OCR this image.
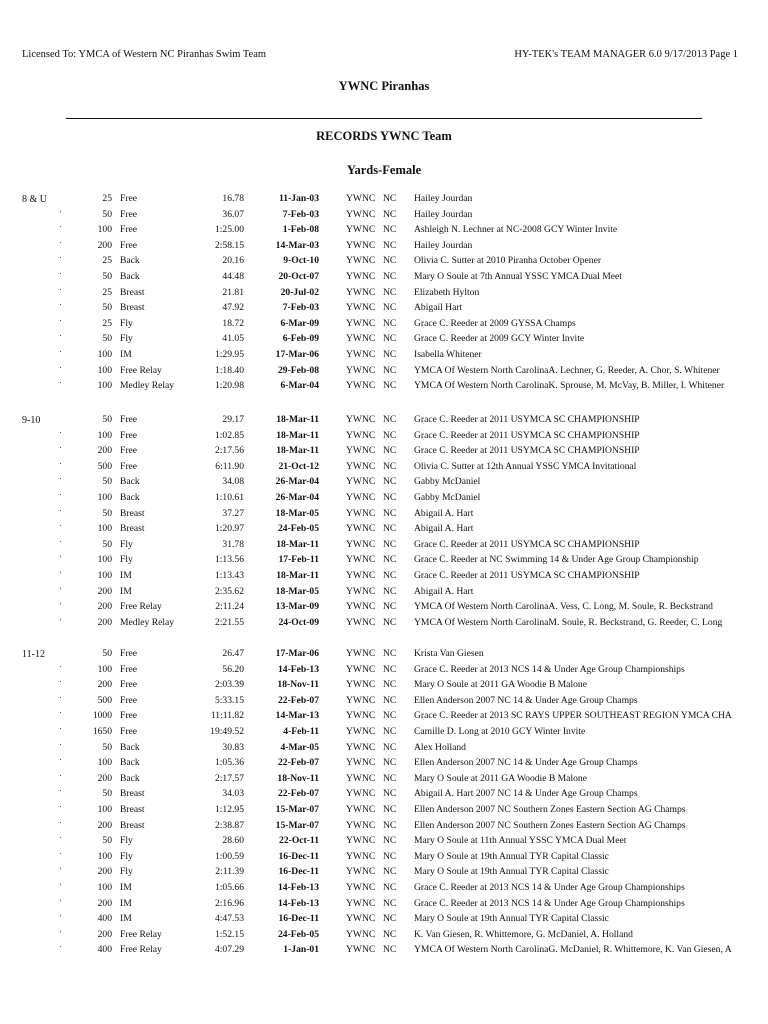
Licensed To: YMCA of Western NC Piranhas Swim Team	HY-TEK's TEAM MANAGER 6.0 9/17/2013 Page 1
YWNC Piranhas
RECORDS YWNC Team
Yards-Female
8 & U	25 Free	16.78	11-Jan-03	YWNC NC Hailey Jourdan
50 Free	36.07	7-Feb-03	YWNC NC Hailey Jourdan
100 Free	1:25.00	1-Feb-08	YWNC NC Ashleigh N. Lechner at NC-2008 GCY Winter Invite
200 Free	2:58.15	14-Mar-03	YWNC NC Hailey Jourdan
25 Back	20.16	9-Oct-10	YWNC NC Olivia C. Sutter at 2010 Piranha October Opener
50 Back	44.48	20-Oct-07	YWNC NC Mary O Soule at 7th Annual YSSC YMCA Dual Meet
25 Breast	21.81	20-Jul-02	YWNC NC Elizabeth Hylton
50 Breast	47.92	7-Feb-03	YWNC NC Abigail Hart
25 Fly	18.72	6-Mar-09	YWNC NC Grace C. Reeder at 2009 GYSSA Champs
50 Fly	41.05	6-Feb-09	YWNC NC Grace C. Reeder at 2009 GCY Winter Invite
100 IM	1:29.95	17-Mar-06	YWNC NC Isabella Whitener
100 Free Relay	1:18.40	29-Feb-08	YWNC NC YMCA Of Western North CarolinaA. Lechner, G. Reeder, A. Chor, S. Whitener
100 Medley Relay	1:20.98	6-Mar-04	YWNC NC YMCA Of Western North CarolinaK. Sprouse, M. McVay, B. Miller, I. Whitener
9-10	50 Free	29.17	18-Mar-11	YWNC NC Grace C. Reeder at 2011 USYMCA SC CHAMPIONSHIP
100 Free	1:02.85	18-Mar-11	YWNC NC Grace C. Reeder at 2011 USYMCA SC CHAMPIONSHIP
200 Free	2:17.56	18-Mar-11	YWNC NC Grace C. Reeder at 2011 USYMCA SC CHAMPIONSHIP
500 Free	6:11.90	21-Oct-12	YWNC NC Olivia C. Sutter at 12th Annual YSSC YMCA Invitational
50 Back	34.08	26-Mar-04	YWNC NC Gabby McDaniel
100 Back	1:10.61	26-Mar-04	YWNC NC Gabby McDaniel
50 Breast	37.27	18-Mar-05	YWNC NC Abigail A. Hart
100 Breast	1:20.97	24-Feb-05	YWNC NC Abigail A. Hart
50 Fly	31.78	18-Mar-11	YWNC NC Grace C. Reeder at 2011 USYMCA SC CHAMPIONSHIP
100 Fly	1:13.56	17-Feb-11	YWNC NC Grace C. Reeder at NC Swimming 14 & Under Age Group Championship
100 IM	1:13.43	18-Mar-11	YWNC NC Grace C. Reeder at 2011 USYMCA SC CHAMPIONSHIP
200 IM	2:35.62	18-Mar-05	YWNC NC Abigail A. Hart
200 Free Relay	2:11.24	13-Mar-09	YWNC NC YMCA Of Western North CarolinaA. Vess, C. Long, M. Soule, R. Beckstrand
200 Medley Relay	2:21.55	24-Oct-09	YWNC NC YMCA Of Western North CarolinaM. Soule, R. Beckstrand, G. Reeder, C. Long
11-12	50 Free	26.47	17-Mar-06	YWNC NC Krista Van Giesen
100 Free	56.20	14-Feb-13	YWNC NC Grace C. Reeder at 2013 NCS 14 & Under Age Group Championships
200 Free	2:03.39	18-Nov-11	YWNC NC Mary O Soule at 2011 GA Woodie B Malone
500 Free	5:33.15	22-Feb-07	YWNC NC Ellen Anderson 2007 NC 14 & Under Age Group Champs
1000 Free	11:11.82	14-Mar-13	YWNC NC Grace C. Reeder at 2013 SC RAYS UPPER SOUTHEAST REGION YMCA CHA
1650 Free	19:49.52	4-Feb-11	YWNC NC Camille D. Long at 2010 GCY Winter Invite
50 Back	30.83	4-Mar-05	YWNC NC Alex Holland
100 Back	1:05.36	22-Feb-07	YWNC NC Ellen Anderson 2007 NC 14 & Under Age Group Champs
200 Back	2:17.57	18-Nov-11	YWNC NC Mary O Soule at 2011 GA Woodie B Malone
50 Breast	34.03	22-Feb-07	YWNC NC Abigail A. Hart 2007 NC 14 & Under Age Group Champs
100 Breast	1:12.95	15-Mar-07	YWNC NC Ellen Anderson 2007 NC Southern Zones Eastern Section AG Champs
200 Breast	2:38.87	15-Mar-07	YWNC NC Ellen Anderson 2007 NC Southern Zones Eastern Section AG Champs
50 Fly	28.60	22-Oct-11	YWNC NC Mary O Soule at 11th Annual YSSC YMCA Dual Meet
100 Fly	1:00.59	16-Dec-11	YWNC NC Mary O Soule at 19th Annual TYR Capital Classic
200 Fly	2:11.39	16-Dec-11	YWNC NC Mary O Soule at 19th Annual TYR Capital Classic
100 IM	1:05.66	14-Feb-13	YWNC NC Grace C. Reeder at 2013 NCS 14 & Under Age Group Championships
200 IM	2:16.96	14-Feb-13	YWNC NC Grace C. Reeder at 2013 NCS 14 & Under Age Group Championships
400 IM	4:47.53	16-Dec-11	YWNC NC Mary O Soule at 19th Annual TYR Capital Classic
200 Free Relay	1:52.15	24-Feb-05	YWNC NC K. Van Giesen, R. Whittemore, G. McDaniel, A. Holland
400 Free Relay	4:07.29	1-Jan-01	YWNC NC YMCA Of Western North CarolinaG. McDaniel, R. Whittemore, K. Van Giesen, A
